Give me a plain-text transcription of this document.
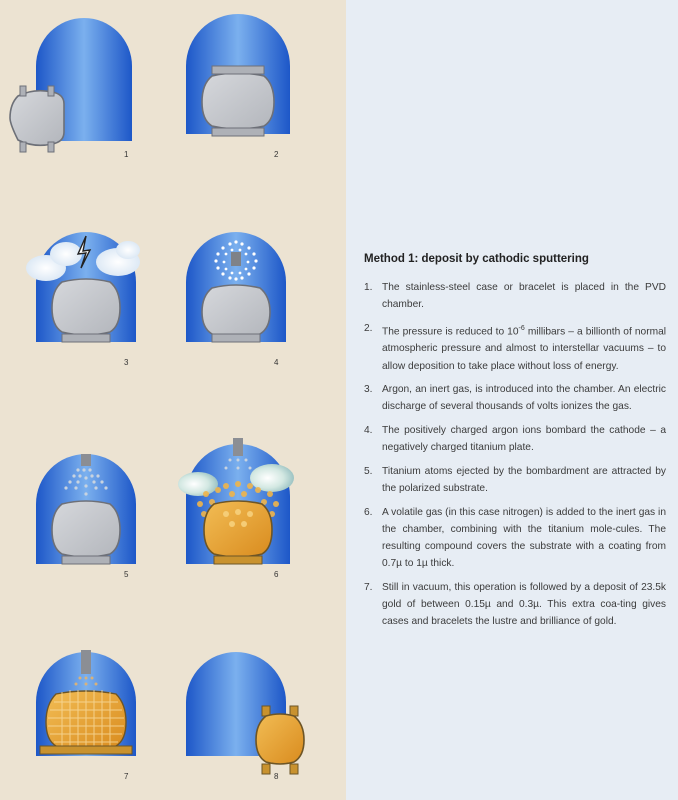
1	2
3	4
5	6
7	8

Method 1: deposit by cathodic sputtering

1. The stainless-steel case or bracelet is placed in the PVD chamber.
2. The pressure is reduced to $10^{-6}$ millibars – a billionth of normal atmospheric pressure and almost to interstellar vacuums – to allow deposition to take place without loss of energy.
3. Argon, an inert gas, is introduced into the chamber. An electric discharge of several thousands of volts ionizes the gas.
4. The positively charged argon ions bombard the cathode – a negatively charged titanium plate.
5. Titanium atoms ejected by the bombardment are attracted by the polarized substrate.
6. A volatile gas (in this case nitrogen) is added to the inert gas in the chamber, combining with the titanium mole-cules. The resulting compound covers the substrate with a coating from 0.7µ to 1µ thick.
7. Still in vacuum, this operation is followed by a deposit of 23.5k gold of between 0.15µ and 0.3µ. This extra coa-ting gives cases and bracelets the lustre and brilliance of gold.
